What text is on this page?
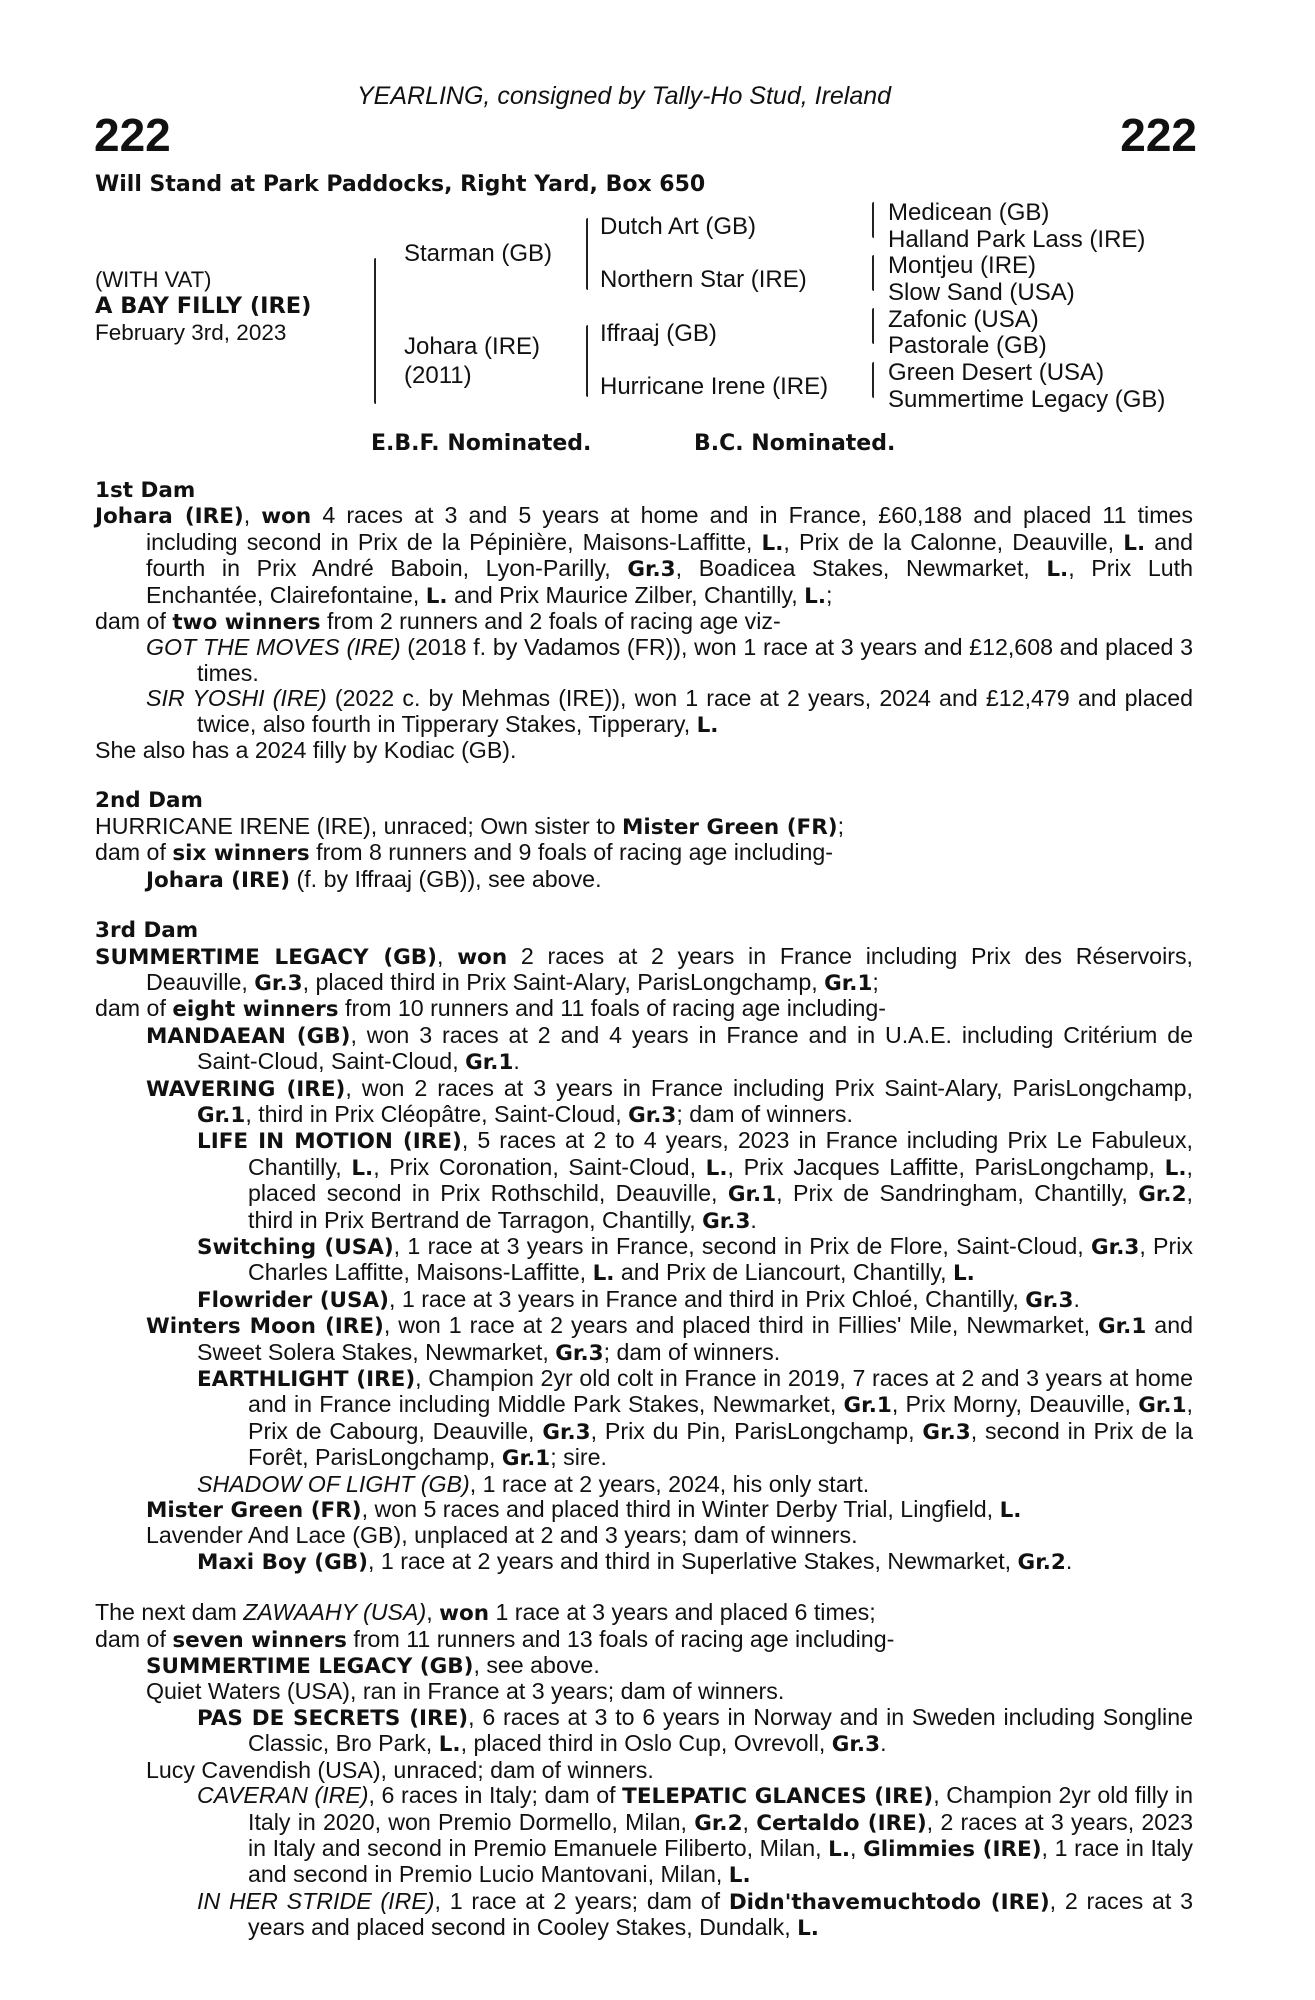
YEARLING, consigned by Tally-Ho Stud, Ireland
222	222
Will Stand at Park Paddocks, Right Yard, Box 650
(WITH VAT)
A BAY FILLY (IRE)
February 3rd, 2023
Starman (GB)
Johara (IRE)
(2011)
Dutch Art (GB)
Northern Star (IRE)
Iffraaj (GB)
Hurricane Irene (IRE)
Medicean (GB)
Halland Park Lass (IRE)
Montjeu (IRE)
Slow Sand (USA)
Zafonic (USA)
Pastorale (GB)
Green Desert (USA)
Summertime Legacy (GB)
E.B.F. Nominated.	B.C. Nominated.
1st Dam
Johara (IRE), won 4 races at 3 and 5 years at home and in France, £60,188 and placed 11 times including second in Prix de la Pépinière, Maisons-Laffitte, L., Prix de la Calonne, Deauville, L. and fourth in Prix André Baboin, Lyon-Parilly, Gr.3, Boadicea Stakes, Newmarket, L., Prix Luth Enchantée, Clairefontaine, L. and Prix Maurice Zilber, Chantilly, L.;
dam of two winners from 2 runners and 2 foals of racing age viz-
GOT THE MOVES (IRE) (2018 f. by Vadamos (FR)), won 1 race at 3 years and £12,608 and placed 3 times.
SIR YOSHI (IRE) (2022 c. by Mehmas (IRE)), won 1 race at 2 years, 2024 and £12,479 and placed twice, also fourth in Tipperary Stakes, Tipperary, L.
She also has a 2024 filly by Kodiac (GB).
2nd Dam
HURRICANE IRENE (IRE), unraced; Own sister to Mister Green (FR);
dam of six winners from 8 runners and 9 foals of racing age including-
Johara (IRE) (f. by Iffraaj (GB)), see above.
3rd Dam
SUMMERTIME LEGACY (GB), won 2 races at 2 years in France including Prix des Réservoirs, Deauville, Gr.3, placed third in Prix Saint-Alary, ParisLongchamp, Gr.1;
dam of eight winners from 10 runners and 11 foals of racing age including-
MANDAEAN (GB), won 3 races at 2 and 4 years in France and in U.A.E. including Critérium de Saint-Cloud, Saint-Cloud, Gr.1.
WAVERING (IRE), won 2 races at 3 years in France including Prix Saint-Alary, ParisLongchamp, Gr.1, third in Prix Cléopâtre, Saint-Cloud, Gr.3; dam of winners.
LIFE IN MOTION (IRE), 5 races at 2 to 4 years, 2023 in France including Prix Le Fabuleux, Chantilly, L., Prix Coronation, Saint-Cloud, L., Prix Jacques Laffitte, ParisLongchamp, L., placed second in Prix Rothschild, Deauville, Gr.1, Prix de Sandringham, Chantilly, Gr.2, third in Prix Bertrand de Tarragon, Chantilly, Gr.3.
Switching (USA), 1 race at 3 years in France, second in Prix de Flore, Saint-Cloud, Gr.3, Prix Charles Laffitte, Maisons-Laffitte, L. and Prix de Liancourt, Chantilly, L.
Flowrider (USA), 1 race at 3 years in France and third in Prix Chloé, Chantilly, Gr.3.
Winters Moon (IRE), won 1 race at 2 years and placed third in Fillies' Mile, Newmarket, Gr.1 and Sweet Solera Stakes, Newmarket, Gr.3; dam of winners.
EARTHLIGHT (IRE), Champion 2yr old colt in France in 2019, 7 races at 2 and 3 years at home and in France including Middle Park Stakes, Newmarket, Gr.1, Prix Morny, Deauville, Gr.1, Prix de Cabourg, Deauville, Gr.3, Prix du Pin, ParisLongchamp, Gr.3, second in Prix de la Forêt, ParisLongchamp, Gr.1; sire.
SHADOW OF LIGHT (GB), 1 race at 2 years, 2024, his only start.
Mister Green (FR), won 5 races and placed third in Winter Derby Trial, Lingfield, L.
Lavender And Lace (GB), unplaced at 2 and 3 years; dam of winners.
Maxi Boy (GB), 1 race at 2 years and third in Superlative Stakes, Newmarket, Gr.2.
The next dam ZAWAAHY (USA), won 1 race at 3 years and placed 6 times;
dam of seven winners from 11 runners and 13 foals of racing age including-
SUMMERTIME LEGACY (GB), see above.
Quiet Waters (USA), ran in France at 3 years; dam of winners.
PAS DE SECRETS (IRE), 6 races at 3 to 6 years in Norway and in Sweden including Songline Classic, Bro Park, L., placed third in Oslo Cup, Ovrevoll, Gr.3.
Lucy Cavendish (USA), unraced; dam of winners.
CAVERAN (IRE), 6 races in Italy; dam of TELEPATIC GLANCES (IRE), Champion 2yr old filly in Italy in 2020, won Premio Dormello, Milan, Gr.2, Certaldo (IRE), 2 races at 3 years, 2023 in Italy and second in Premio Emanuele Filiberto, Milan, L., Glimmies (IRE), 1 race in Italy and second in Premio Lucio Mantovani, Milan, L.
IN HER STRIDE (IRE), 1 race at 2 years; dam of Didn'thavemuchtodo (IRE), 2 races at 3 years and placed second in Cooley Stakes, Dundalk, L.
